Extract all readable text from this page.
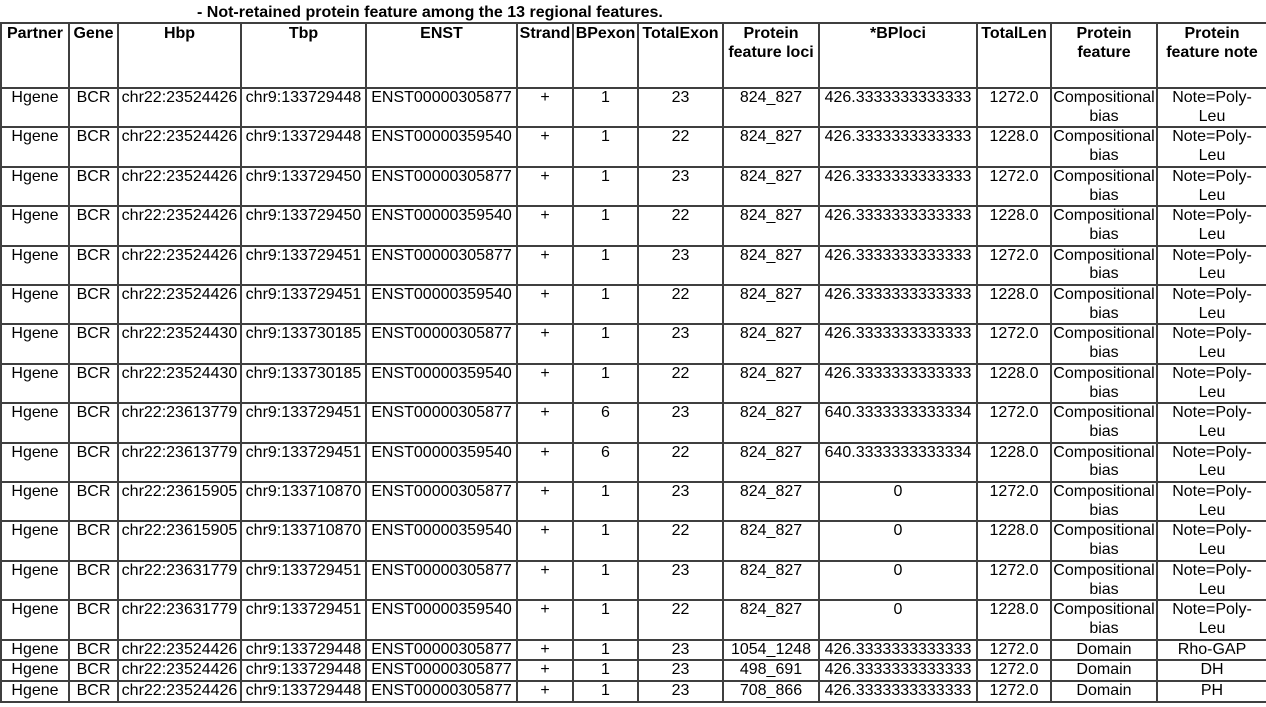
- Not-retained protein feature among the 13 regional features.
Partner	Gene	Hbp	Tbp	ENST	Strand	BPexon	TotalExon	Protein feature loci	*BPloci	TotalLen	Protein feature	Protein feature note
Hgene	BCR	chr22:23524426	chr9:133729448	ENST00000305877	+	1	23	824_827	426.3333333333333	1272.0	Compositional bias	Note=Poly-Leu
Hgene	BCR	chr22:23524426	chr9:133729448	ENST00000359540	+	1	22	824_827	426.3333333333333	1228.0	Compositional bias	Note=Poly-Leu
Hgene	BCR	chr22:23524426	chr9:133729450	ENST00000305877	+	1	23	824_827	426.3333333333333	1272.0	Compositional bias	Note=Poly-Leu
Hgene	BCR	chr22:23524426	chr9:133729450	ENST00000359540	+	1	22	824_827	426.3333333333333	1228.0	Compositional bias	Note=Poly-Leu
Hgene	BCR	chr22:23524426	chr9:133729451	ENST00000305877	+	1	23	824_827	426.3333333333333	1272.0	Compositional bias	Note=Poly-Leu
Hgene	BCR	chr22:23524426	chr9:133729451	ENST00000359540	+	1	22	824_827	426.3333333333333	1228.0	Compositional bias	Note=Poly-Leu
Hgene	BCR	chr22:23524430	chr9:133730185	ENST00000305877	+	1	23	824_827	426.3333333333333	1272.0	Compositional bias	Note=Poly-Leu
Hgene	BCR	chr22:23524430	chr9:133730185	ENST00000359540	+	1	22	824_827	426.3333333333333	1228.0	Compositional bias	Note=Poly-Leu
Hgene	BCR	chr22:23613779	chr9:133729451	ENST00000305877	+	6	23	824_827	640.3333333333334	1272.0	Compositional bias	Note=Poly-Leu
Hgene	BCR	chr22:23613779	chr9:133729451	ENST00000359540	+	6	22	824_827	640.3333333333334	1228.0	Compositional bias	Note=Poly-Leu
Hgene	BCR	chr22:23615905	chr9:133710870	ENST00000305877	+	1	23	824_827	0	1272.0	Compositional bias	Note=Poly-Leu
Hgene	BCR	chr22:23615905	chr9:133710870	ENST00000359540	+	1	22	824_827	0	1228.0	Compositional bias	Note=Poly-Leu
Hgene	BCR	chr22:23631779	chr9:133729451	ENST00000305877	+	1	23	824_827	0	1272.0	Compositional bias	Note=Poly-Leu
Hgene	BCR	chr22:23631779	chr9:133729451	ENST00000359540	+	1	22	824_827	0	1228.0	Compositional bias	Note=Poly-Leu
Hgene	BCR	chr22:23524426	chr9:133729448	ENST00000305877	+	1	23	1054_1248	426.3333333333333	1272.0	Domain	Rho-GAP
Hgene	BCR	chr22:23524426	chr9:133729448	ENST00000305877	+	1	23	498_691	426.3333333333333	1272.0	Domain	DH
Hgene	BCR	chr22:23524426	chr9:133729448	ENST00000305877	+	1	23	708_866	426.3333333333333	1272.0	Domain	PH
